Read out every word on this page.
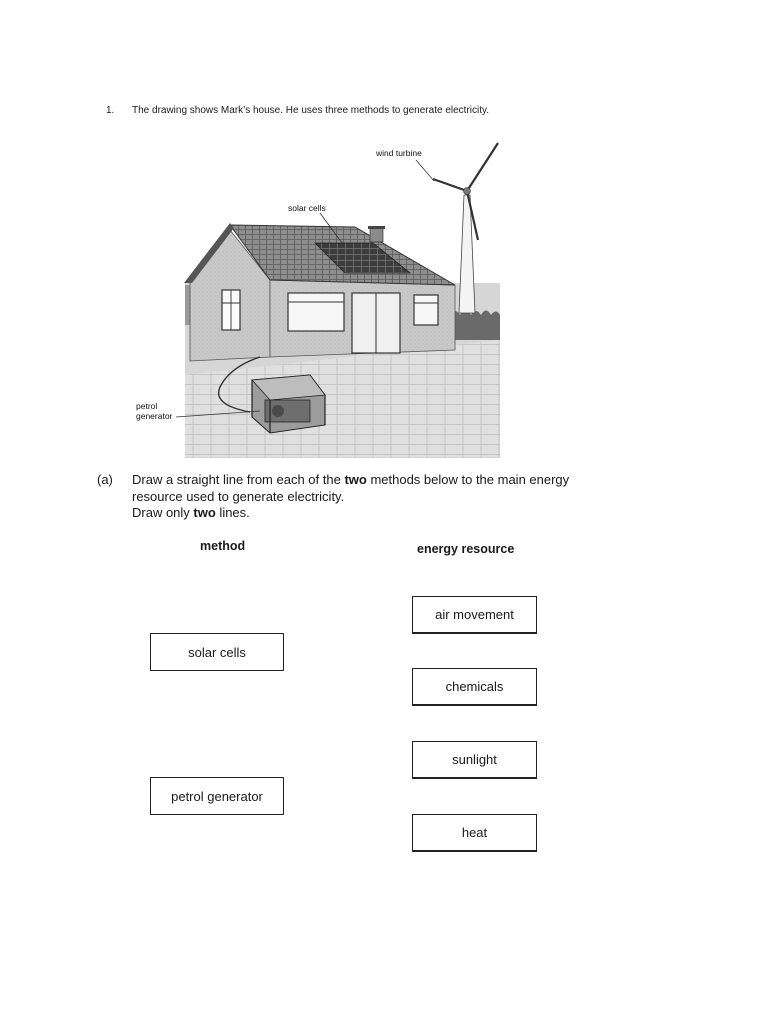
1. The drawing shows Mark’s house. He uses three methods to generate electricity.
wind turbine
solar cells
petrol
generator
(a) Draw a straight line from each of the two methods below to the main energy
resource used to generate electricity.
Draw only two lines.
method	energy resource
solar cells
petrol generator
air movement
chemicals
sunlight
heat
